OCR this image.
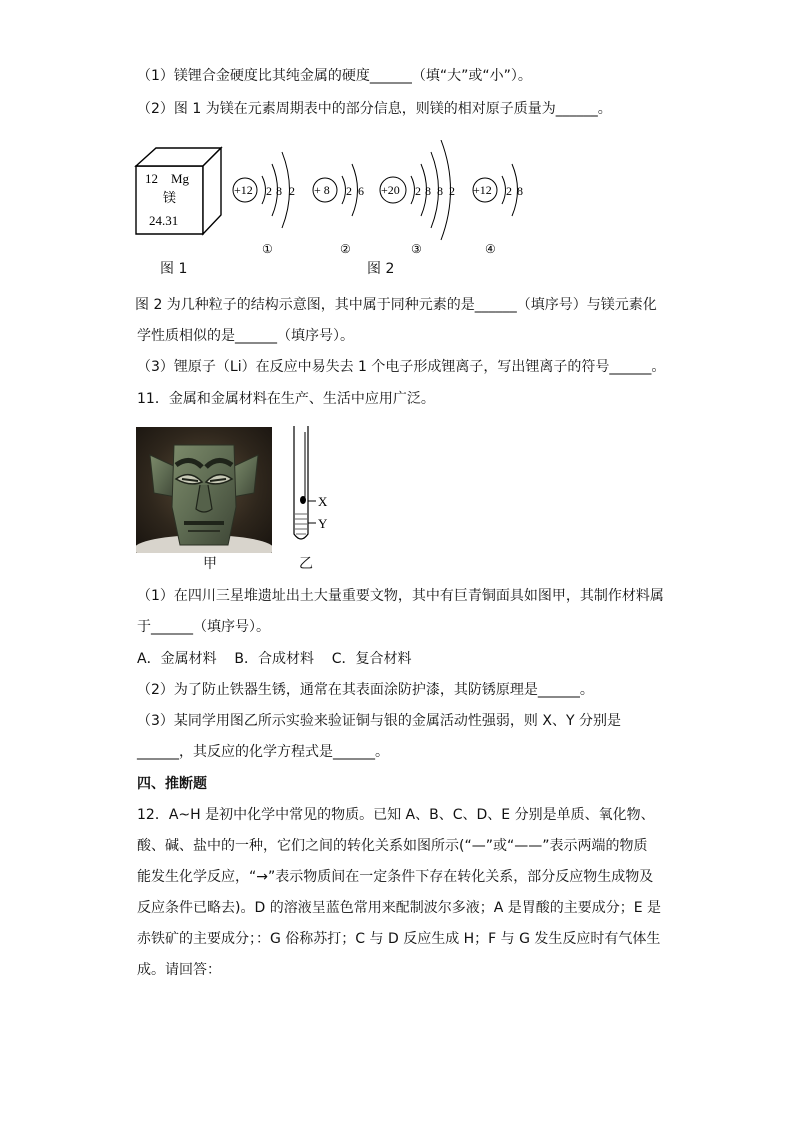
（1）镁锂合金硬度比其纯金属的硬度______（填“大”或“小”）。
（2）图 1 为镁在元素周期表中的部分信息，则镁的相对原子质量为______。
12 Mg
镁
24.31
+12 2 8 2
①
+ 8 2 6
②
+20 2 8 8 2
③
+12 2 8
④
图 1	图 2
图 2 为几种粒子的结构示意图，其中属于同种元素的是______（填序号）与镁元素化
学性质相似的是______（填序号）。
（3）锂原子（Li）在反应中易失去 1 个电子形成锂离子，写出锂离子的符号______。
11．金属和金属材料在生产、生活中应用广泛。
X
Y
甲	乙
（1）在四川三星堆遗址出土大量重要文物，其中有巨青铜面具如图甲，其制作材料属
于______（填序号）。
A．金属材料    B．合成材料    C．复合材料
（2）为了防止铁器生锈，通常在其表面涂防护漆，其防锈原理是______。
（3）某同学用图乙所示实验来验证铜与银的金属活动性强弱，则 X、Y 分别是
______，其反应的化学方程式是______。
四、推断题
12．A~H 是初中化学中常见的物质。已知 A、B、C、D、E 分别是单质、氧化物、
酸、碱、盐中的一种，它们之间的转化关系如图所示(“—”或“——”表示两端的物质
能发生化学反应，“→”表示物质间在一定条件下存在转化关系，部分反应物生成物及
反应条件已略去)。D 的溶液呈蓝色常用来配制波尔多液；A 是胃酸的主要成分；E 是
赤铁矿的主要成分；：G 俗称苏打；C 与 D 反应生成 H；F 与 G 发生反应时有气体生
成。请回答：
